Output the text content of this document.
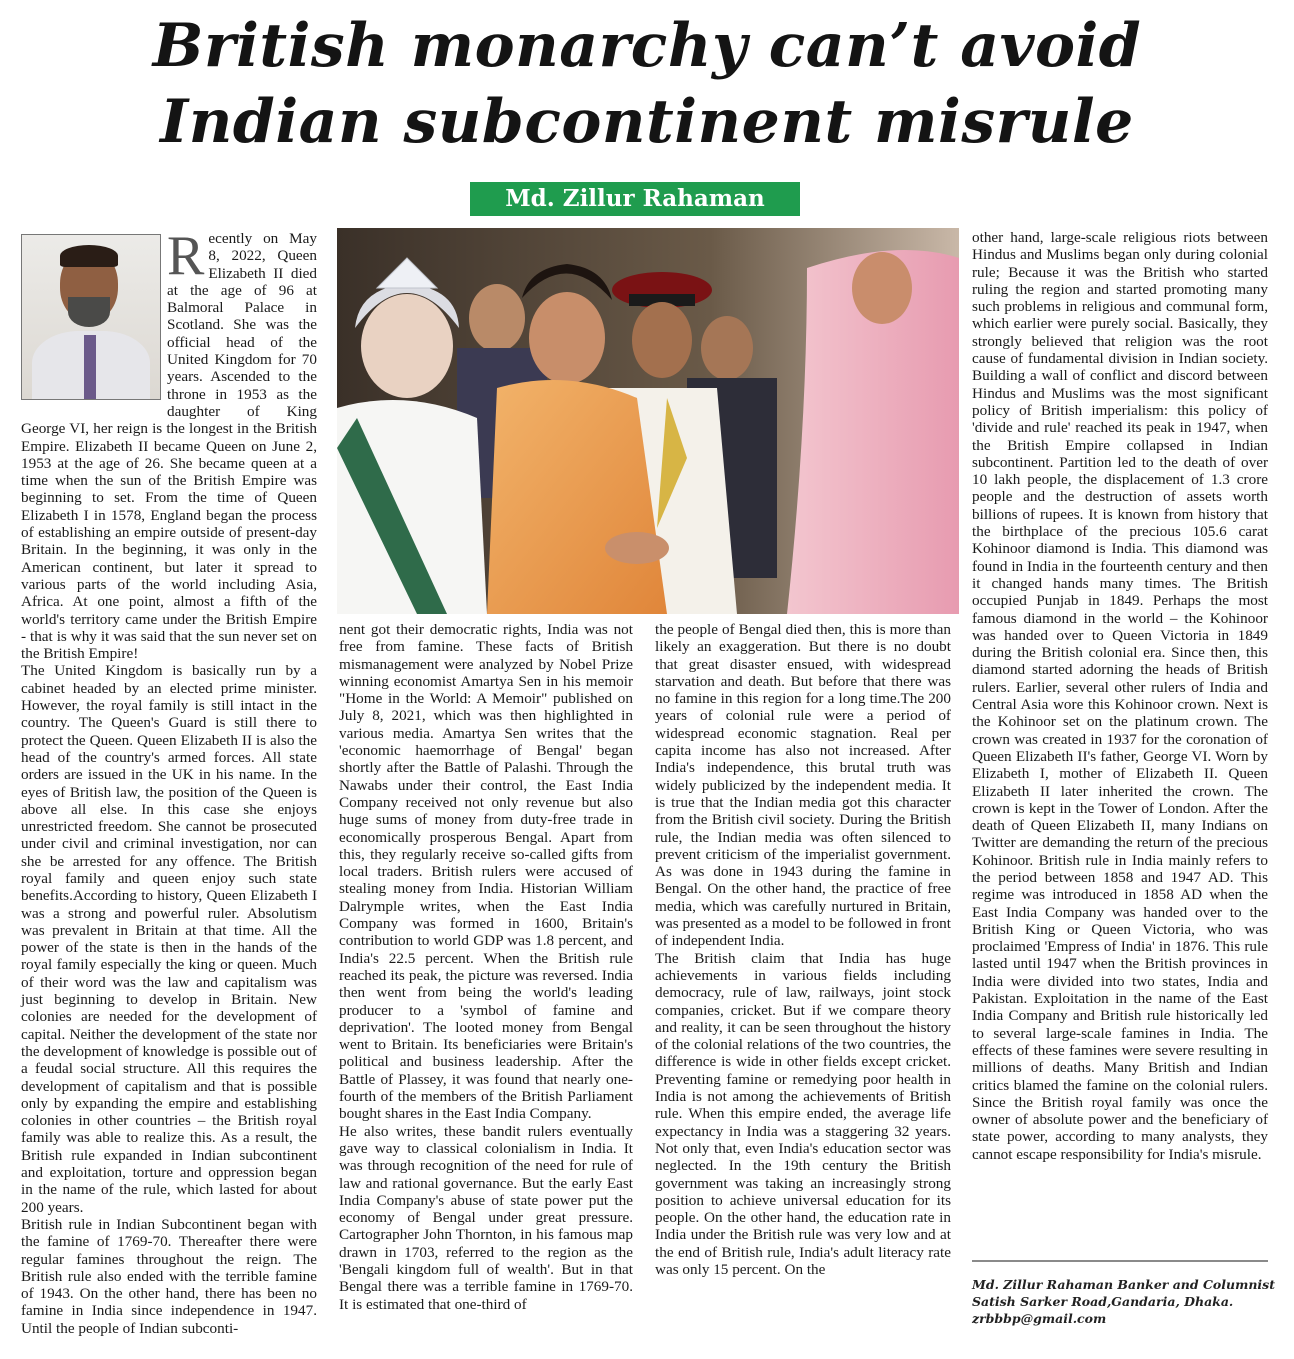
British monarchy can’t avoid
Indian subcontinent misrule
Md. Zillur Rahaman
R ecently on May 8, 2022, Queen Elizabeth II died at the age of 96 at Balmoral Palace in Scotland. She was the official head of the United Kingdom for 70 years. Ascended to the throne in 1953 as the daughter of King George VI, her reign is the longest in the British Empire. Elizabeth II became Queen on June 2, 1953 at the age of 26. She became queen at a time when the sun of the British Empire was beginning to set. From the time of Queen Elizabeth I in 1578, England began the process of establishing an empire outside of present-day Britain. In the beginning, it was only in the American continent, but later it spread to various parts of the world including Asia, Africa. At one point, almost a fifth of the world's territory came under the British Empire - that is why it was said that the sun never set on the British Empire!

The United Kingdom is basically run by a cabinet headed by an elected prime minister. However, the royal family is still intact in the country. The Queen's Guard is still there to protect the Queen. Queen Elizabeth II is also the head of the country's armed forces. All state orders are issued in the UK in his name. In the eyes of British law, the position of the Queen is above all else. In this case she enjoys unrestricted freedom. She cannot be prosecuted under civil and criminal investigation, nor can she be arrested for any offence. The British royal family and queen enjoy such state benefits.According to history, Queen Elizabeth I was a strong and powerful ruler. Absolutism was prevalent in Britain at that time. All the power of the state is then in the hands of the royal family especially the king or queen. Much of their word was the law and capitalism was just beginning to develop in Britain. New colonies are needed for the development of capital. Neither the development of the state nor the development of knowledge is possible out of a feudal social structure. All this requires the development of capitalism and that is possible only by expanding the empire and establishing colonies in other countries – the British royal family was able to realize this. As a result, the British rule expanded in Indian subcontinent and exploitation, torture and oppression began in the name of the rule, which lasted for about 200 years.

British rule in Indian Subcontinent began with the famine of 1769-70. Thereafter there were regular famines throughout the reign. The British rule also ended with the terrible famine of 1943. On the other hand, there has been no famine in India since independence in 1947. Until the people of Indian subconti-

nent got their democratic rights, India was not free from famine. These facts of British mismanagement were analyzed by Nobel Prize winning economist Amartya Sen in his memoir "Home in the World: A Memoir" published on July 8, 2021, which was then highlighted in various media. Amartya Sen writes that the 'economic haemorrhage of Bengal' began shortly after the Battle of Palashi. Through the Nawabs under their control, the East India Company received not only revenue but also huge sums of money from duty-free trade in economically prosperous Bengal. Apart from this, they regularly receive so-called gifts from local traders. British rulers were accused of stealing money from India. Historian William Dalrymple writes, when the East India Company was formed in 1600, Britain's contribution to world GDP was 1.8 percent, and India's 22.5 percent. When the British rule reached its peak, the picture was reversed. India then went from being the world's leading producer to a 'symbol of famine and deprivation'. The looted money from Bengal went to Britain. Its beneficiaries were Britain's political and business leadership. After the Battle of Plassey, it was found that nearly one-fourth of the members of the British Parliament bought shares in the East India Company.

He also writes, these bandit rulers eventually gave way to classical colonialism in India. It was through recognition of the need for rule of law and rational governance. But the early East India Company's abuse of state power put the economy of Bengal under great pressure. Cartographer John Thornton, in his famous map drawn in 1703, referred to the region as the 'Bengali kingdom full of wealth'. But in that Bengal there was a terrible famine in 1769-70. It is estimated that one-third of

the people of Bengal died then, this is more than likely an exaggeration. But there is no doubt that great disaster ensued, with widespread starvation and death. But before that there was no famine in this region for a long time.The 200 years of colonial rule were a period of widespread economic stagnation. Real per capita income has also not increased. After India's independence, this brutal truth was widely publicized by the independent media. It is true that the Indian media got this character from the British civil society. During the British rule, the Indian media was often silenced to prevent criticism of the imperialist government. As was done in 1943 during the famine in Bengal. On the other hand, the practice of free media, which was carefully nurtured in Britain, was presented as a model to be followed in front of independent India.

The British claim that India has huge achievements in various fields including democracy, rule of law, railways, joint stock companies, cricket. But if we compare theory and reality, it can be seen throughout the history of the colonial relations of the two countries, the difference is wide in other fields except cricket. Preventing famine or remedying poor health in India is not among the achievements of British rule. When this empire ended, the average life expectancy in India was a staggering 32 years. Not only that, even India's education sector was neglected. In the 19th century the British government was taking an increasingly strong position to achieve universal education for its people. On the other hand, the education rate in India under the British rule was very low and at the end of British rule, India's adult literacy rate was only 15 percent. On the

other hand, large-scale religious riots between Hindus and Muslims began only during colonial rule; Because it was the British who started ruling the region and started promoting many such problems in religious and communal form, which earlier were purely social. Basically, they strongly believed that religion was the root cause of fundamental division in Indian society. Building a wall of conflict and discord between Hindus and Muslims was the most significant policy of British imperialism: this policy of 'divide and rule' reached its peak in 1947, when the British Empire collapsed in Indian subcontinent. Partition led to the death of over 10 lakh people, the displacement of 1.3 crore people and the destruction of assets worth billions of rupees. It is known from history that the birthplace of the precious 105.6 carat Kohinoor diamond is India. This diamond was found in India in the fourteenth century and then it changed hands many times. The British occupied Punjab in 1849. Perhaps the most famous diamond in the world – the Kohinoor was handed over to Queen Victoria in 1849 during the British colonial era. Since then, this diamond started adorning the heads of British rulers. Earlier, several other rulers of India and Central Asia wore this Kohinoor crown. Next is the Kohinoor set on the platinum crown. The crown was created in 1937 for the coronation of Queen Elizabeth II's father, George VI. Worn by Elizabeth I, mother of Elizabeth II. Queen Elizabeth II later inherited the crown. The crown is kept in the Tower of London. After the death of Queen Elizabeth II, many Indians on Twitter are demanding the return of the precious Kohinoor. British rule in India mainly refers to the period between 1858 and 1947 AD. This regime was introduced in 1858 AD when the East India Company was handed over to the British King or Queen Victoria, who was proclaimed 'Empress of India' in 1876. This rule lasted until 1947 when the British provinces in India were divided into two states, India and Pakistan. Exploitation in the name of the East India Company and British rule historically led to several large-scale famines in India. The effects of these famines were severe resulting in millions of deaths. Many British and Indian critics blamed the famine on the colonial rulers. Since the British royal family was once the owner of absolute power and the beneficiary of state power, according to many analysts, they cannot escape responsibility for India's misrule.

Md. Zillur Rahaman Banker and Columnist
Satish Sarker Road,Gandaria, Dhaka.
zrbbbp@gmail.com
